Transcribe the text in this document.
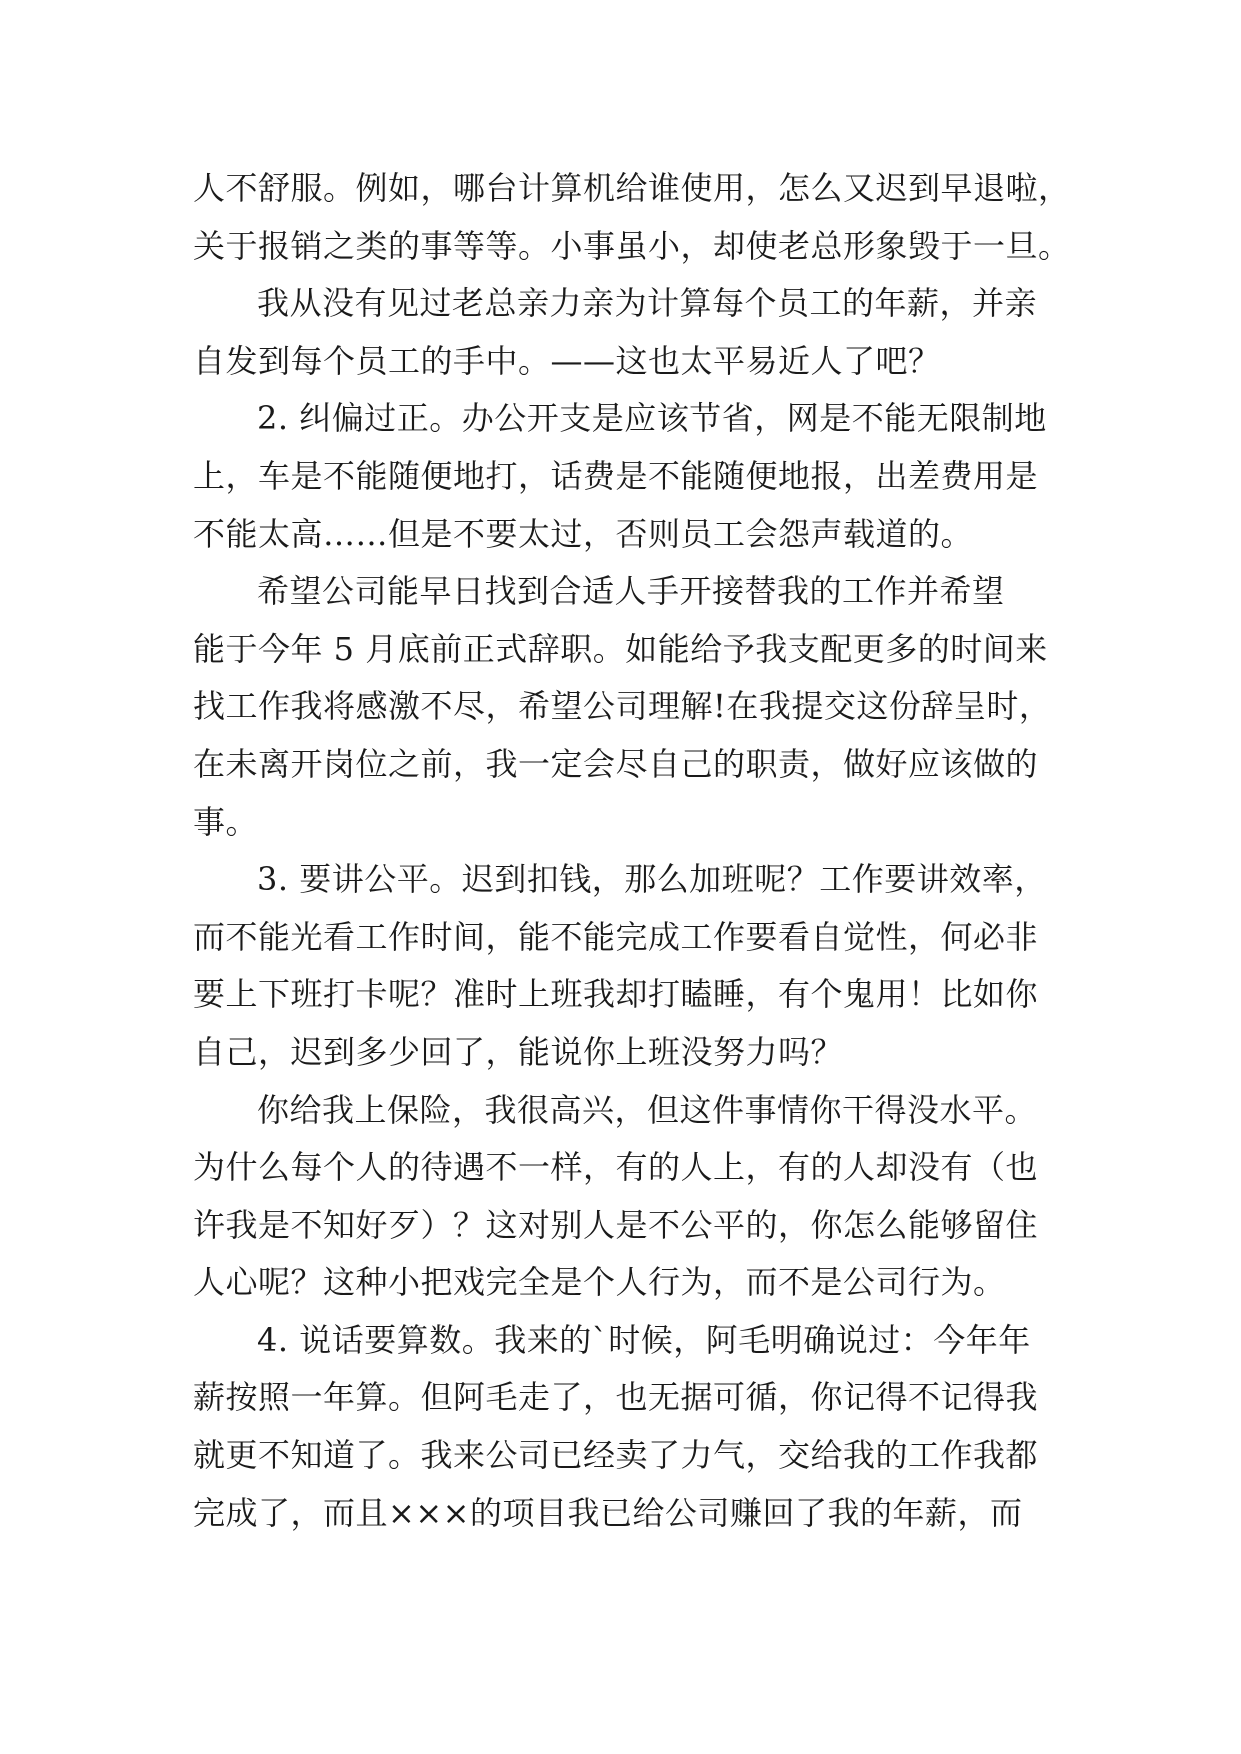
人不舒服。例如，哪台计算机给谁使用，怎么又迟到早退啦，
关于报销之类的事等等。小事虽小，却使老总形象毁于一旦。
我从没有见过老总亲力亲为计算每个员工的年薪，并亲
自发到每个员工的手中。——这也太平易近人了吧？
2. 纠偏过正。办公开支是应该节省，网是不能无限制地
上，车是不能随便地打，话费是不能随便地报，出差费用是
不能太高……但是不要太过，否则员工会怨声载道的。
希望公司能早日找到合适人手开接替我的工作并希望
能于今年 5 月底前正式辞职。如能给予我支配更多的时间来
找工作我将感激不尽，希望公司理解!在我提交这份辞呈时，
在未离开岗位之前，我一定会尽自己的职责，做好应该做的
事。
3. 要讲公平。迟到扣钱，那么加班呢？工作要讲效率，
而不能光看工作时间，能不能完成工作要看自觉性，何必非
要上下班打卡呢？准时上班我却打瞌睡，有个鬼用！比如你
自己，迟到多少回了，能说你上班没努力吗？
你给我上保险，我很高兴，但这件事情你干得没水平。
为什么每个人的待遇不一样，有的人上，有的人却没有（也
许我是不知好歹）？这对别人是不公平的，你怎么能够留住
人心呢？这种小把戏完全是个人行为，而不是公司行为。
4. 说话要算数。我来的`时候，阿毛明确说过：今年年
薪按照一年算。但阿毛走了，也无据可循，你记得不记得我
就更不知道了。我来公司已经卖了力气，交给我的工作我都
完成了，而且×××的项目我已给公司赚回了我的年薪，而
